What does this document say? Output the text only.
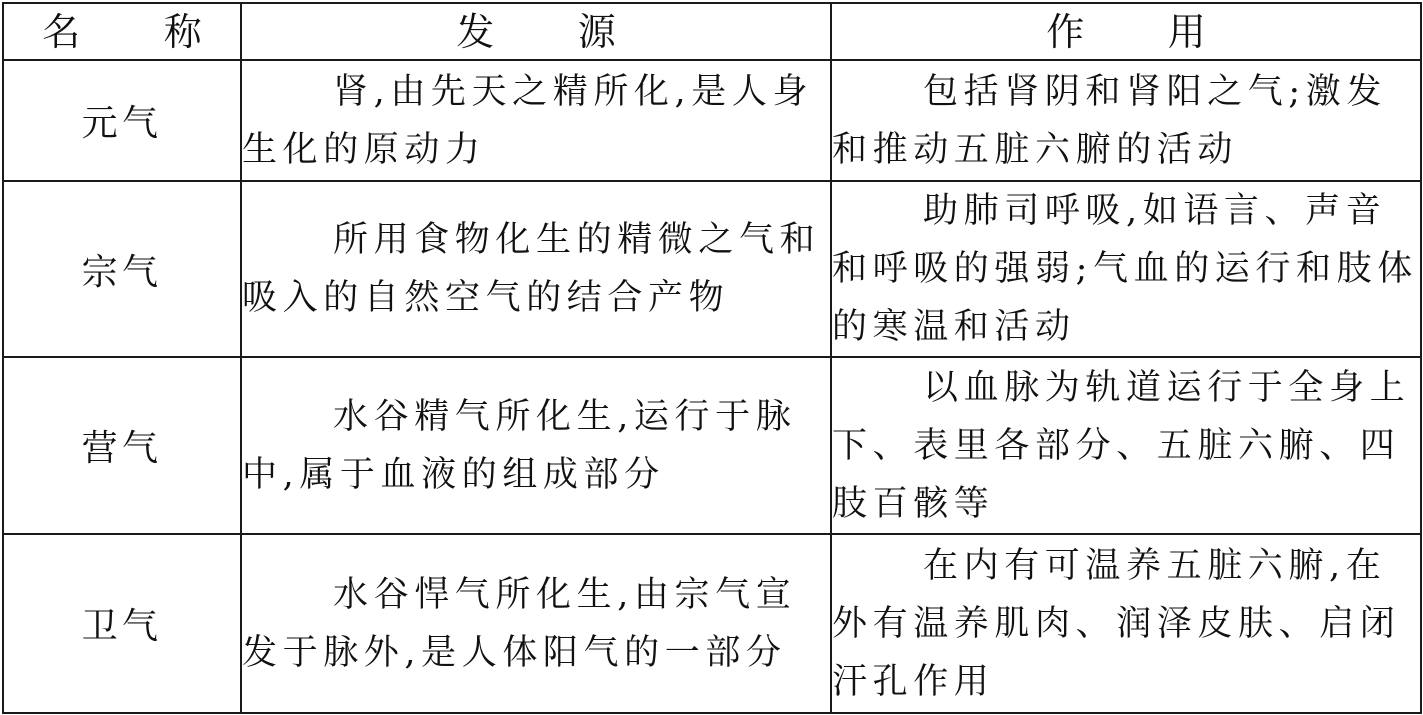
名　称	发　源	作　用
元气	肾,由先天之精所化,是人身生化的原动力	包括肾阴和肾阳之气;激发和推动五脏六腑的活动
宗气	所用食物化生的精微之气和吸入的自然空气的结合产物	助肺司呼吸,如语言、声音和呼吸的强弱;气血的运行和肢体的寒温和活动
营气	水谷精气所化生,运行于脉中,属于血液的组成部分	以血脉为轨道运行于全身上下、表里各部分、五脏六腑、四肢百骸等
卫气	水谷悍气所化生,由宗气宣发于脉外,是人体阳气的一部分	在内有可温养五脏六腑,在外有温养肌肉、润泽皮肤、启闭汗孔作用
